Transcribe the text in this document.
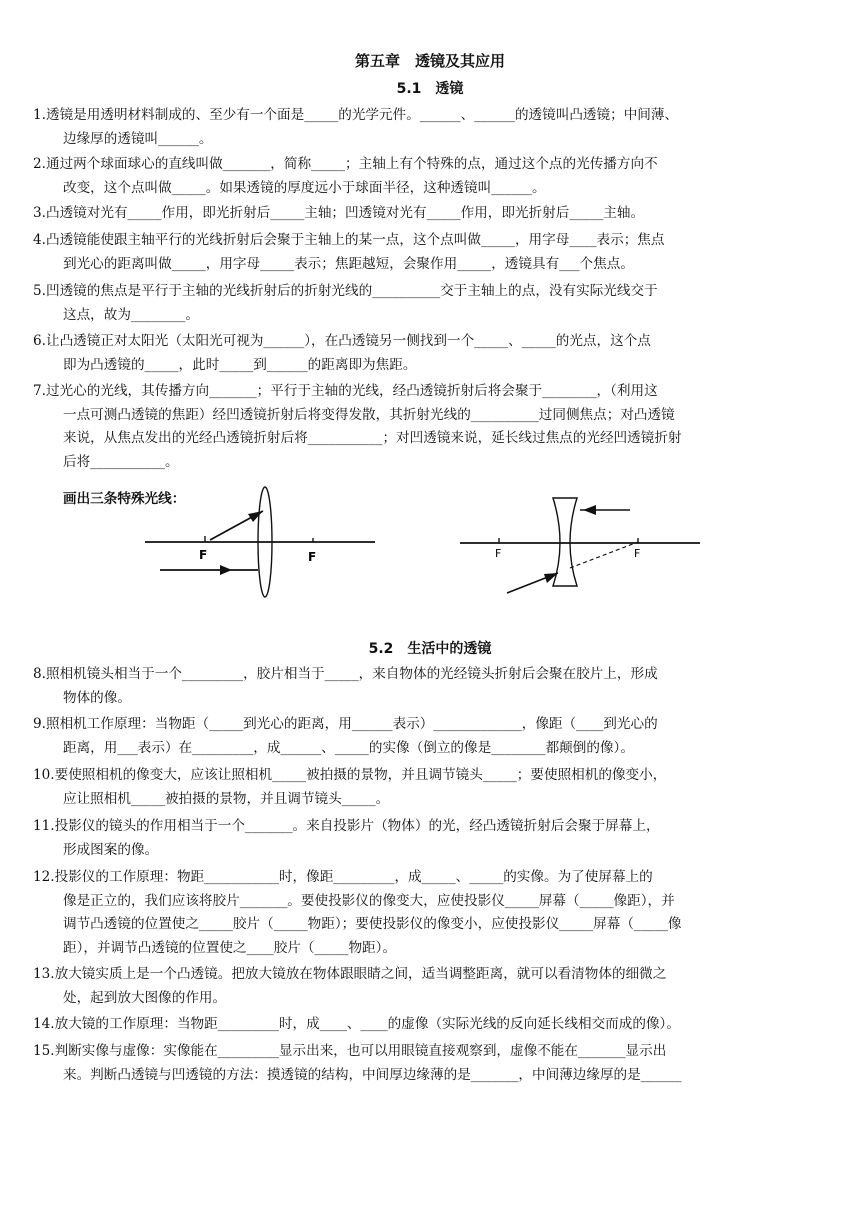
第五章　透镜及其应用
5.1　透镜
1.透镜是用透明材料制成的、至少有一个面是_____的光学元件。______、______的透镜叫凸透镜；中间薄、
边缘厚的透镜叫______。
2.通过两个球面球心的直线叫做_______，简称_____；主轴上有个特殊的点，通过这个点的光传播方向不
改变，这个点叫做_____。如果透镜的厚度远小于球面半径，这种透镜叫______。
3.凸透镜对光有_____作用，即光折射后_____主轴；凹透镜对光有_____作用，即光折射后_____主轴。
4.凸透镜能使跟主轴平行的光线折射后会聚于主轴上的某一点，这个点叫做_____，用字母____表示；焦点
到光心的距离叫做_____，用字母_____表示；焦距越短，会聚作用_____，透镜具有___个焦点。
5.凹透镜的焦点是平行于主轴的光线折射后的折射光线的__________交于主轴上的点，没有实际光线交于
这点，故为________。
6.让凸透镜正对太阳光（太阳光可视为______），在凸透镜另一侧找到一个_____、_____的光点，这个点
即为凸透镜的_____，此时_____到______的距离即为焦距。
7.过光心的光线，其传播方向_______；平行于主轴的光线，经凸透镜折射后将会聚于________，（利用这
一点可测凸透镜的焦距）经凹透镜折射后将变得发散，其折射光线的__________过同侧焦点；对凸透镜
来说，从焦点发出的光经凸透镜折射后将___________；对凹透镜来说，延长线过焦点的光经凹透镜折射
后将___________。
画出三条特殊光线：
F	F	F	F
5.2　生活中的透镜
8.照相机镜头相当于一个_________，胶片相当于_____，来自物体的光经镜头折射后会聚在胶片上，形成
物体的像。
9.照相机工作原理：当物距（_____到光心的距离，用______表示）_____________，像距（____到光心的
距离，用___表示）在_________，成______、_____的实像（倒立的像是________都颠倒的像）。
10.要使照相机的像变大，应该让照相机_____被拍摄的景物，并且调节镜头_____；要使照相机的像变小，
应让照相机_____被拍摄的景物，并且调节镜头_____。
11.投影仪的镜头的作用相当于一个_______。来自投影片（物体）的光，经凸透镜折射后会聚于屏幕上，
形成图案的像。
12.投影仪的工作原理：物距___________时，像距_________，成_____、_____的实像。为了使屏幕上的
像是正立的，我们应该将胶片_______。要使投影仪的像变大，应使投影仪_____屏幕（_____像距），并
调节凸透镜的位置使之_____胶片（_____物距）；要使投影仪的像变小，应使投影仪_____屏幕（_____像
距），并调节凸透镜的位置使之____胶片（_____物距）。
13.放大镜实质上是一个凸透镜。把放大镜放在物体跟眼睛之间，适当调整距离，就可以看清物体的细微之
处，起到放大图像的作用。
14.放大镜的工作原理：当物距_________时，成____、____的虚像（实际光线的反向延长线相交而成的像）。
15.判断实像与虚像：实像能在_________显示出来，也可以用眼镜直接观察到，虚像不能在_______显示出
来。判断凸透镜与凹透镜的方法：摸透镜的结构，中间厚边缘薄的是_______，中间薄边缘厚的是______
